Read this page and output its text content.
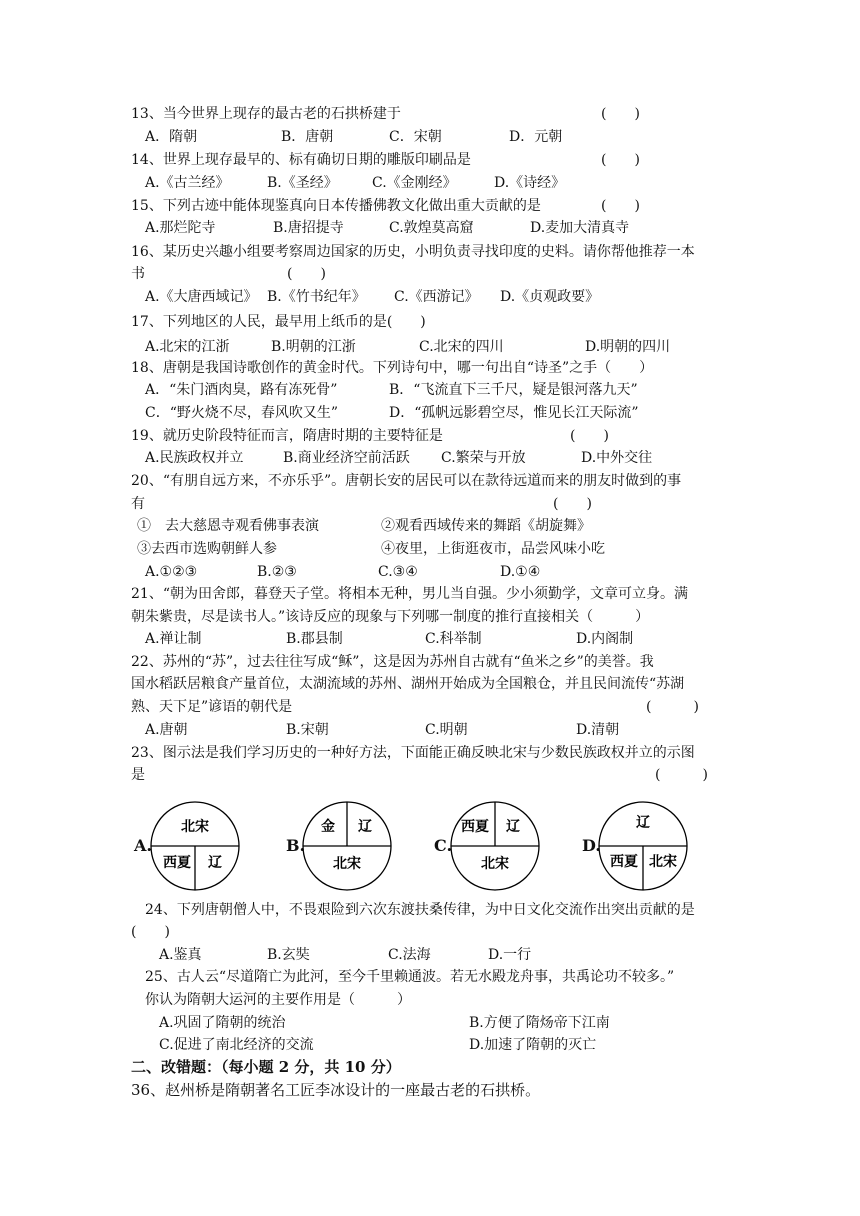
13、当今世界上现存的最古老的石拱桥建于	(　　)
A．隋朝	B．唐朝	C．宋朝	D．元朝
14、世界上现存最早的、标有确切日期的雕版印刷品是	(　　)
A.《古兰经》	B.《圣经》 C.《金刚经》	D.《诗经》
15、下列古迹中能体现鉴真向日本传播佛教文化做出重大贡献的是	(　　)
A.那烂陀寺	B.唐招提寺	C.敦煌莫高窟	D.麦加大清真寺
16、某历史兴趣小组要考察周边国家的历史，小明负责寻找印度的史料。请你帮他推荐一本
书	(　　)
A.《大唐西域记》 B.《竹书纪年》 C.《西游记》 D.《贞观政要》
17、下列地区的人民，最早用上纸币的是(　　)
A.北宋的江浙	B.明朝的江浙	C.北宋的四川	D.明朝的四川
18、唐朝是我国诗歌创作的黄金时代。下列诗句中，哪一句出自“诗圣”之手（　　）
A．“朱门酒肉臭，路有冻死骨”	B．“飞流直下三千尺，疑是银河落九天”
C．“野火烧不尽，春风吹又生”	D．“孤帆远影碧空尽，惟见长江天际流”
19、就历史阶段特征而言，隋唐时期的主要特征是	(　　)
A.民族政权并立	B.商业经济空前活跃 C.繁荣与开放	D.中外交往
20、“有朋自远方来，不亦乐乎”。唐朝长安的居民可以在款待远道而来的朋友时做到的事
有	(　　)
①　去大慈恩寺观看佛事表演	②观看西域传来的舞蹈《胡旋舞》
③去西市选购朝鲜人参	④夜里，上街逛夜市，品尝风味小吃
A.①②③	B.②③	C.③④	D.①④
21、“朝为田舍郎，暮登天子堂。将相本无种，男儿当自强。少小须勤学，文章可立身。满
朝朱紫贵，尽是读书人。”该诗反应的现象与下列哪一制度的推行直接相关（　　　）
A.禅让制	B.郡县制	C.科举制	D.内阁制
22、苏州的“苏”，过去往往写成“稣”，这是因为苏州自古就有“鱼米之乡”的美誉。我
国水稻跃居粮食产量首位，太湖流域的苏州、湖州开始成为全国粮仓，并且民间流传“苏湖
熟、天下足”谚语的朝代是	(　　　)
A.唐朝	B.宋朝	C.明朝	D.清朝
23、图示法是我们学习历史的一种好方法，下面能正确反映北宋与少数民族政权并立的示图
是	(　　　)
A.
北宋
西夏 辽
B.
金 辽
北宋
C.
西夏 辽
北宋
D.
辽
西夏 北宋
24、下列唐朝僧人中，不畏艰险到六次东渡扶桑传律，为中日文化交流作出突出贡献的是
(　　)
A.鉴真	B.玄奘	C.法海	D.一行
25、古人云“尽道隋亡为此河，至今千里赖通波。若无水殿龙舟事，共禹论功不较多。”
你认为隋朝大运河的主要作用是（　　　）
A.巩固了隋朝的统治	B.方便了隋炀帝下江南
C.促进了南北经济的交流	D.加速了隋朝的灭亡
二、改错题：（每小题 2 分，共 10 分）
36、赵州桥是隋朝著名工匠李冰设计的一座最古老的石拱桥。
